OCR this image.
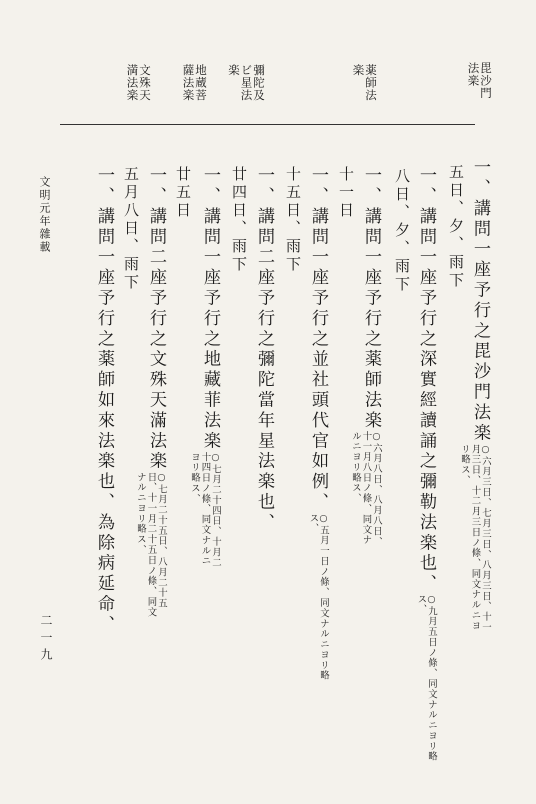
毘沙門法楽
薬師法楽
彌陀及ビ星法楽
地蔵菩薩法楽
文殊天満法楽
一、講問一座予行之毘沙門法楽○六月三日、七月三日、八月三日、十一月三日、十二月三日ノ條、同文ナルニヨリ略ス、
五日、夕、雨下
一、講問一座予行之深實經讀誦之彌勒法楽也、○九月五日ノ條、同文ナルニヨリ略ス、
八日、夕、雨下
一、講問一座予行之薬師法楽○六月八日、八月八日、十一月八日ノ條、同文ナルニヨリ略ス、
十一日
一、講問一座予行之並社頭代官如例、○五月一日ノ條、同文ナルニヨリ略ス、
十五日、雨下
一、講問二座予行之彌陀當年星法楽也、
廿四日、雨下
一、講問一座予行之地藏菲法楽○七月二十四日、十月二十四日ノ條、同文ナルニヨリ略ス、
廿五日
一、講問二座予行之文殊天滿法楽○七月二十五日、八月二十五日、十一月二十五日ノ條、同文ナルニヨリ略ス、
五月八日、雨下
一、講問一座予行之薬師如來法楽也、為除病延命、
文明元年雜載
二一九
